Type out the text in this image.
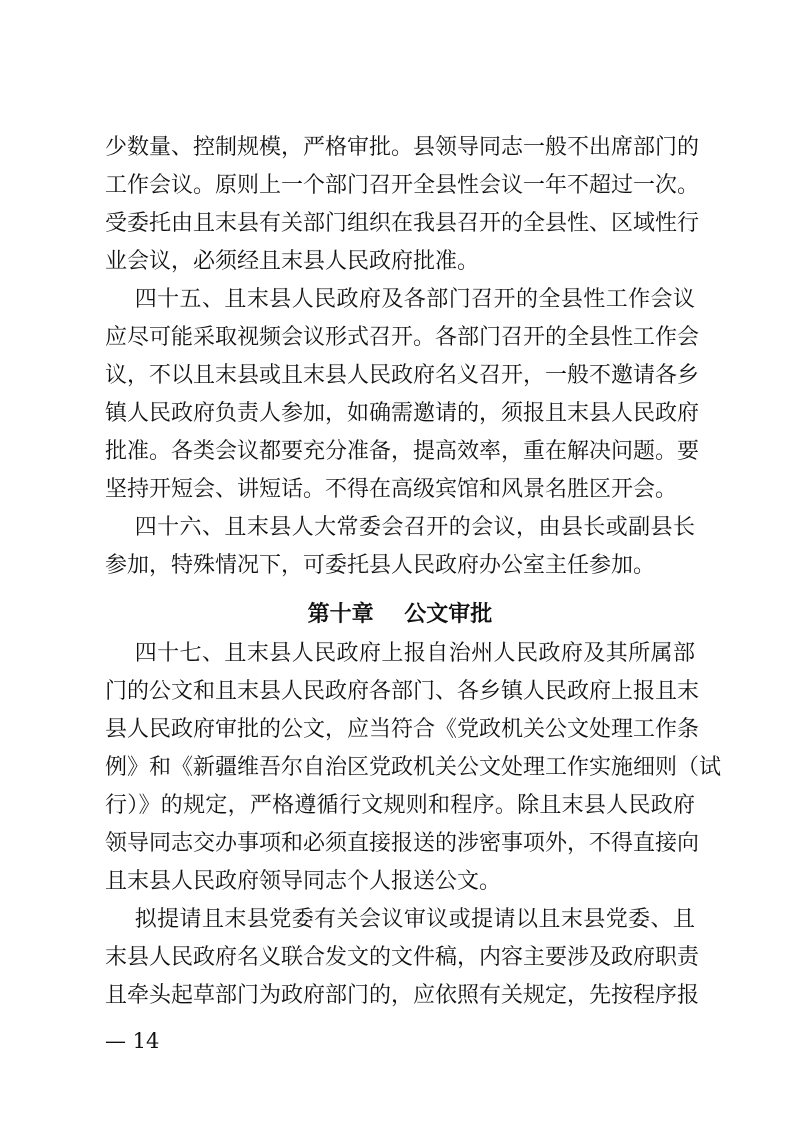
少数量、控制规模，严格审批。县领导同志一般不出席部门的
工作会议。原则上一个部门召开全县性会议一年不超过一次。
受委托由且末县有关部门组织在我县召开的全县性、区域性行
业会议，必须经且末县人民政府批准。
四十五、且末县人民政府及各部门召开的全县性工作会议
应尽可能采取视频会议形式召开。各部门召开的全县性工作会
议，不以且末县或且末县人民政府名义召开，一般不邀请各乡
镇人民政府负责人参加，如确需邀请的，须报且末县人民政府
批准。各类会议都要充分准备，提高效率，重在解决问题。要
坚持开短会、讲短话。不得在高级宾馆和风景名胜区开会。
四十六、且末县人大常委会召开的会议，由县长或副县长
参加，特殊情况下，可委托县人民政府办公室主任参加。
第十章    公文审批
四十七、且末县人民政府上报自治州人民政府及其所属部
门的公文和且末县人民政府各部门、各乡镇人民政府上报且末
县人民政府审批的公文，应当符合《党政机关公文处理工作条
例》和《新疆维吾尔自治区党政机关公文处理工作实施细则（试
行）》的规定，严格遵循行文规则和程序。除且末县人民政府
领导同志交办事项和必须直接报送的涉密事项外，不得直接向
且末县人民政府领导同志个人报送公文。
拟提请且末县党委有关会议审议或提请以且末县党委、且
末县人民政府名义联合发文的文件稿，内容主要涉及政府职责
且牵头起草部门为政府部门的，应依照有关规定，先按程序报
— 14
